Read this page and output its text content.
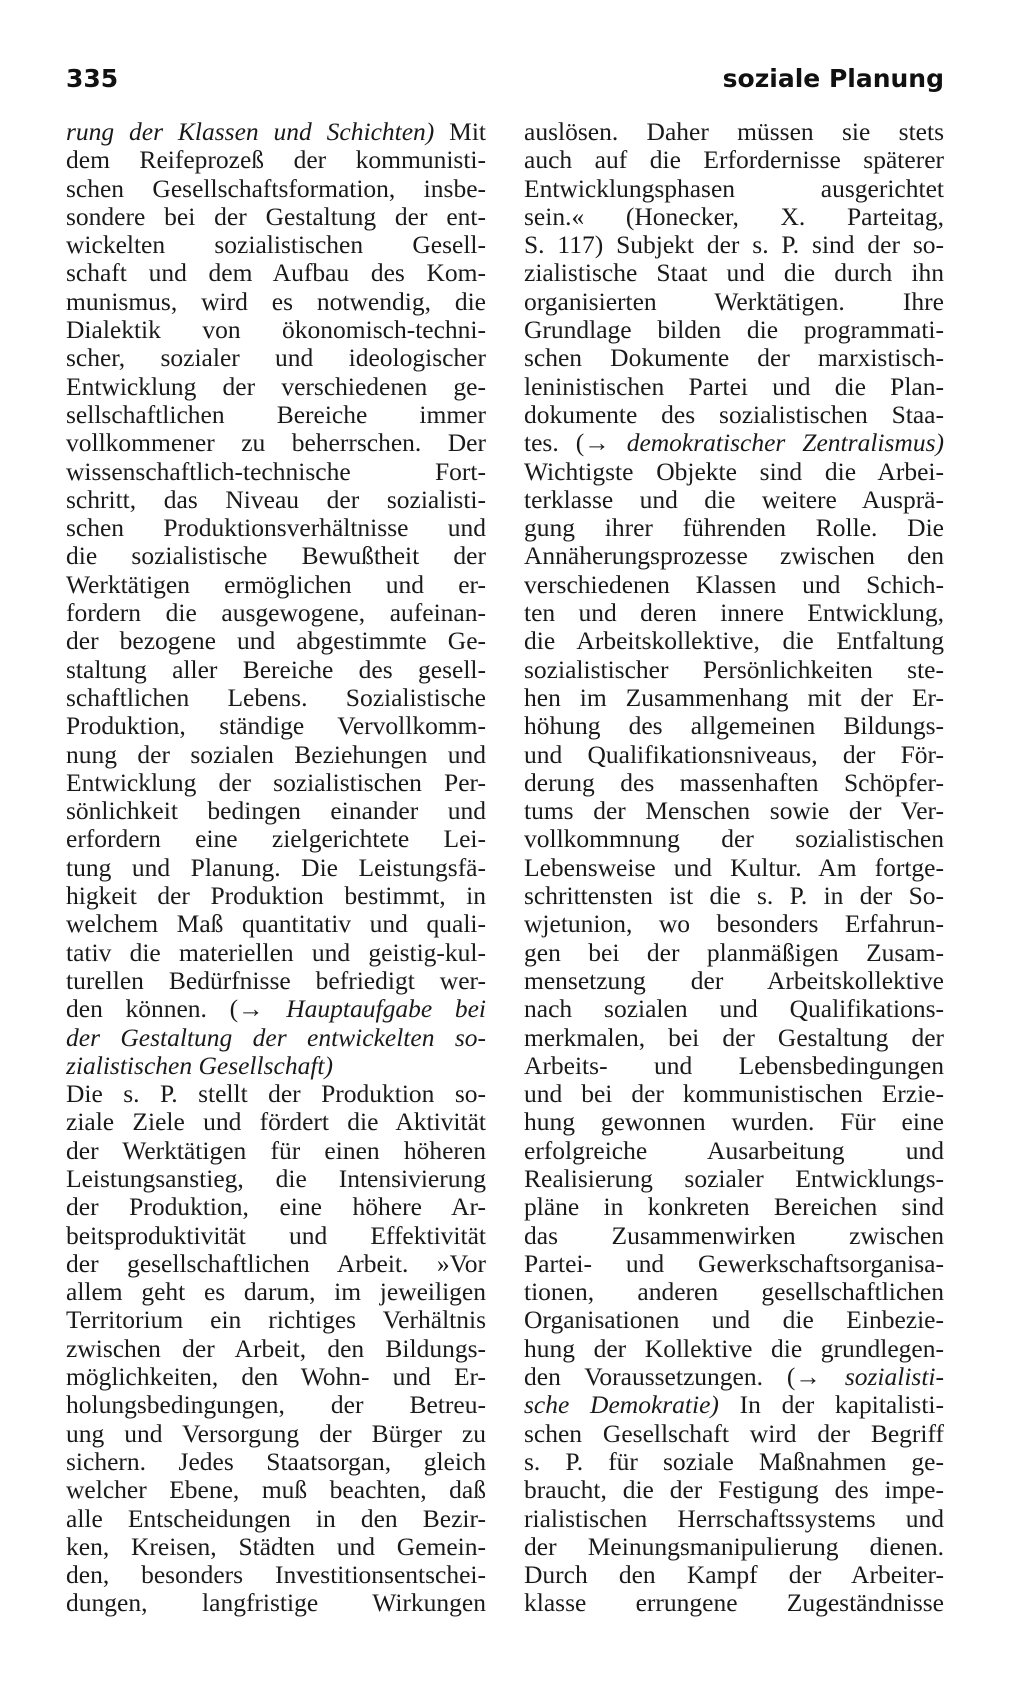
335	soziale Planung
rung der Klassen und Schichten) Mit
dem Reifeprozeß der kommunisti-
schen Gesellschaftsformation, insbe-
sondere bei der Gestaltung der ent-
wickelten sozialistischen Gesell-
schaft und dem Aufbau des Kom-
munismus, wird es notwendig, die
Dialektik von ökonomisch-techni-
scher, sozialer und ideologischer
Entwicklung der verschiedenen ge-
sellschaftlichen Bereiche immer
vollkommener zu beherrschen. Der
wissenschaftlich-technische Fort-
schritt, das Niveau der sozialisti-
schen Produktionsverhältnisse und
die sozialistische Bewußtheit der
Werktätigen ermöglichen und er-
fordern die ausgewogene, aufeinan-
der bezogene und abgestimmte Ge-
staltung aller Bereiche des gesell-
schaftlichen Lebens. Sozialistische
Produktion, ständige Vervollkomm-
nung der sozialen Beziehungen und
Entwicklung der sozialistischen Per-
sönlichkeit bedingen einander und
erfordern eine zielgerichtete Lei-
tung und Planung. Die Leistungsfä-
higkeit der Produktion bestimmt, in
welchem Maß quantitativ und quali-
tativ die materiellen und geistig-kul-
turellen Bedürfnisse befriedigt wer-
den können. (→ Hauptaufgabe bei
der Gestaltung der entwickelten so-
zialistischen Gesellschaft)
Die s. P. stellt der Produktion so-
ziale Ziele und fördert die Aktivität
der Werktätigen für einen höheren
Leistungsanstieg, die Intensivierung
der Produktion, eine höhere Ar-
beitsproduktivität und Effektivität
der gesellschaftlichen Arbeit. »Vor
allem geht es darum, im jeweiligen
Territorium ein richtiges Verhältnis
zwischen der Arbeit, den Bildungs-
möglichkeiten, den Wohn- und Er-
holungsbedingungen, der Betreu-
ung und Versorgung der Bürger zu
sichern. Jedes Staatsorgan, gleich
welcher Ebene, muß beachten, daß
alle Entscheidungen in den Bezir-
ken, Kreisen, Städten und Gemein-
den, besonders Investitionsentschei-
dungen, langfristige Wirkungen
auslösen. Daher müssen sie stets
auch auf die Erfordernisse späterer
Entwicklungsphasen ausgerichtet
sein.« (Honecker, X. Parteitag,
S. 117) Subjekt der s. P. sind der so-
zialistische Staat und die durch ihn
organisierten Werktätigen. Ihre
Grundlage bilden die programmati-
schen Dokumente der marxistisch-
leninistischen Partei und die Plan-
dokumente des sozialistischen Staa-
tes. (→ demokratischer Zentralismus)
Wichtigste Objekte sind die Arbei-
terklasse und die weitere Ausprä-
gung ihrer führenden Rolle. Die
Annäherungsprozesse zwischen den
verschiedenen Klassen und Schich-
ten und deren innere Entwicklung,
die Arbeitskollektive, die Entfaltung
sozialistischer Persönlichkeiten ste-
hen im Zusammenhang mit der Er-
höhung des allgemeinen Bildungs-
und Qualifikationsniveaus, der För-
derung des massenhaften Schöpfer-
tums der Menschen sowie der Ver-
vollkommnung der sozialistischen
Lebensweise und Kultur. Am fortge-
schrittensten ist die s. P. in der So-
wjetunion, wo besonders Erfahrun-
gen bei der planmäßigen Zusam-
mensetzung der Arbeitskollektive
nach sozialen und Qualifikations-
merkmalen, bei der Gestaltung der
Arbeits- und Lebensbedingungen
und bei der kommunistischen Erzie-
hung gewonnen wurden. Für eine
erfolgreiche Ausarbeitung und
Realisierung sozialer Entwicklungs-
pläne in konkreten Bereichen sind
das Zusammenwirken zwischen
Partei- und Gewerkschaftsorganisa-
tionen, anderen gesellschaftlichen
Organisationen und die Einbezie-
hung der Kollektive die grundlegen-
den Voraussetzungen. (→ sozialisti-
sche Demokratie) In der kapitalisti-
schen Gesellschaft wird der Begriff
s. P. für soziale Maßnahmen ge-
braucht, die der Festigung des impe-
rialistischen Herrschaftssystems und
der Meinungsmanipulierung dienen.
Durch den Kampf der Arbeiter-
klasse errungene Zugeständnisse
